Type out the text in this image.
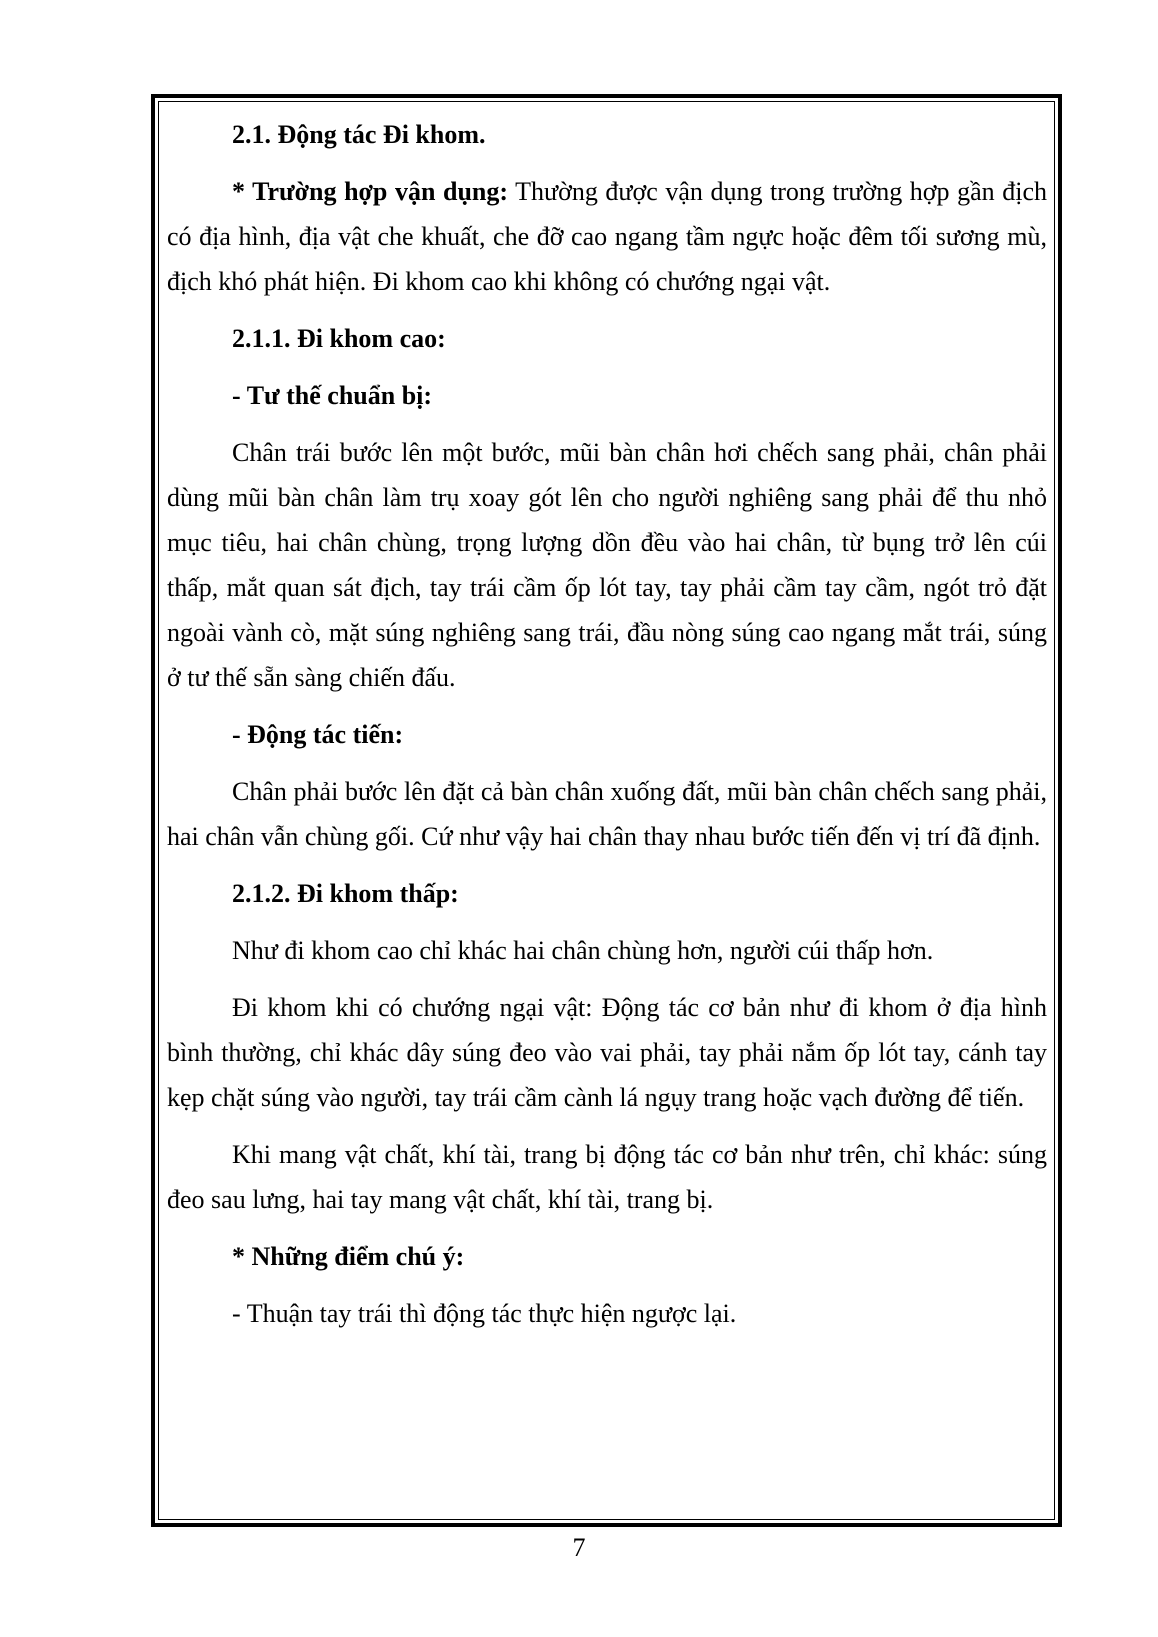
2.1. Động tác Đi khom.

* Trường hợp vận dụng: Thường được vận dụng trong trường hợp gần địch có địa hình, địa vật che khuất, che đỡ cao ngang tầm ngực hoặc đêm tối sương mù, địch khó phát hiện. Đi khom cao khi không có chướng ngại vật.

2.1.1. Đi khom cao:

- Tư thế chuẩn bị:

Chân trái bước lên một bước, mũi bàn chân hơi chếch sang phải, chân phải dùng mũi bàn chân làm trụ xoay gót lên cho người nghiêng sang phải để thu nhỏ mục tiêu, hai chân chùng, trọng lượng dồn đều vào hai chân, từ bụng trở lên cúi thấp, mắt quan sát địch, tay trái cầm ốp lót tay, tay phải cầm tay cầm, ngót trỏ đặt ngoài vành cò, mặt súng nghiêng sang trái, đầu nòng súng cao ngang mắt trái, súng ở tư thế sẵn sàng chiến đấu.

- Động tác tiến:

Chân phải bước lên đặt cả bàn chân xuống đất, mũi bàn chân chếch sang phải, hai chân vẫn chùng gối. Cứ như vậy hai chân thay nhau bước tiến đến vị trí đã định.

2.1.2. Đi khom thấp:

Như đi khom cao chỉ khác hai chân chùng hơn, người cúi thấp hơn.

Đi khom khi có chướng ngại vật: Động tác cơ bản như đi khom ở địa hình bình thường, chỉ khác dây súng đeo vào vai phải, tay phải nắm ốp lót tay, cánh tay kẹp chặt súng vào người, tay trái cầm cành lá ngụy trang hoặc vạch đường để tiến.

Khi mang vật chất, khí tài, trang bị động tác cơ bản như trên, chỉ khác: súng đeo sau lưng, hai tay mang vật chất, khí tài, trang bị.

* Những điểm chú ý:

- Thuận tay trái thì động tác thực hiện ngược lại.

7
